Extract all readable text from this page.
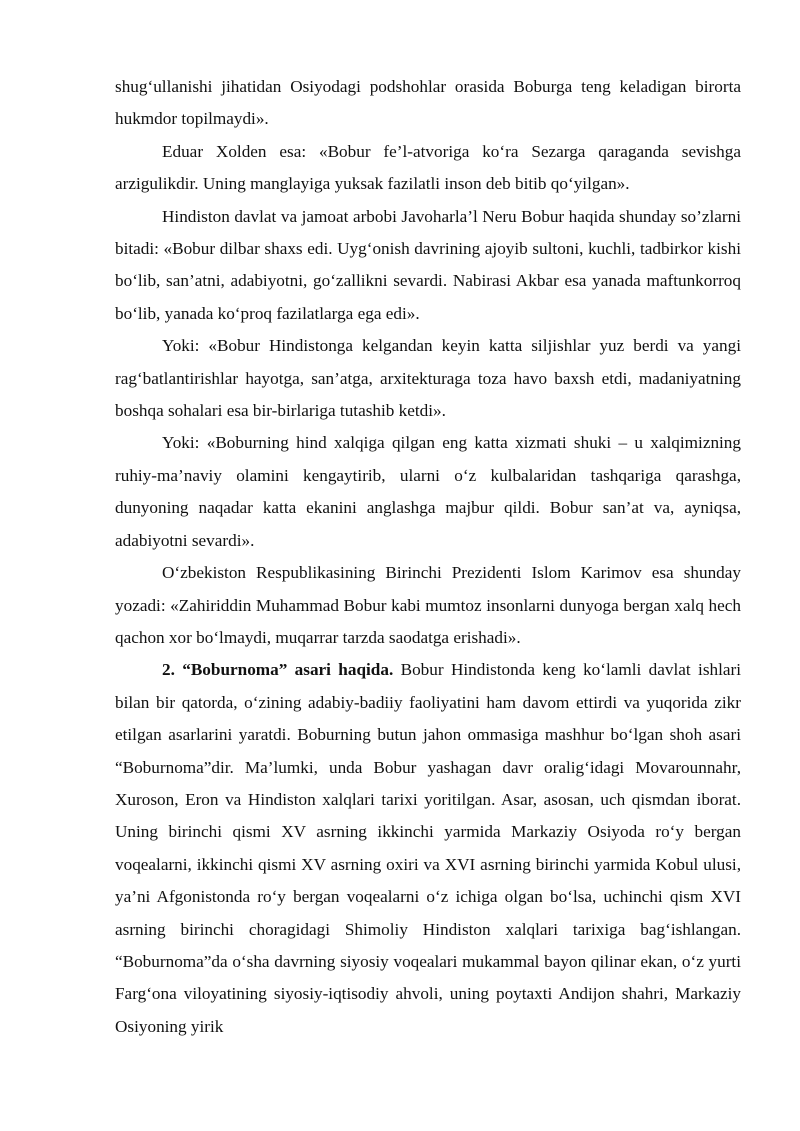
shug‘ullanishi jihatidan Osiyodagi podshohlar orasida Boburga teng keladigan birorta hukmdor topilmaydi».

Eduar Xolden esa: «Bobur fe’l-atvoriga ko‘ra Sezarga qaraganda sevishga arzigulikdir. Uning manglayiga yuksak fazilatli inson deb bitib qo‘yilgan».

Hindiston davlat va jamoat arbobi Javoharla’l Neru Bobur haqida shunday so’zlarni bitadi: «Bobur dilbar shaxs edi. Uyg‘onish davrining ajoyib sultoni, kuchli, tadbirkor kishi bo‘lib, san’atni, adabiyotni, go‘zallikni sevardi. Nabirasi Akbar esa yanada maftunkorroq bo‘lib, yanada ko‘proq fazilatlarga ega edi».

Yoki: «Bobur Hindistonga kelgandan keyin katta siljishlar yuz berdi va yangi rag‘batlantirishlar hayotga, san’atga, arxitekturaga toza havo baxsh etdi, madaniyatning boshqa sohalari esa bir-birlariga tutashib ketdi».

Yoki: «Boburning hind xalqiga qilgan eng katta xizmati shuki – u xalqimizning ruhiy-ma’naviy olamini kengaytirib, ularni o‘z kulbalaridan tashqariga qarashga, dunyoning naqadar katta ekanini anglashga majbur qildi. Bobur san’at va, ayniqsa, adabiyotni sevardi».

O‘zbekiston Respublikasining Birinchi Prezidenti Islom Karimov esa shunday yozadi: «Zahiriddin Muhammad Bobur kabi mumtoz insonlarni dunyoga bergan xalq hech qachon xor bo‘lmaydi, muqarrar tarzda saodatga erishadi».

2. “Boburnoma” asari haqida. Bobur Hindistonda keng ko‘lamli davlat ishlari bilan bir qatorda, o‘zining adabiy-badiiy faoliyatini ham davom ettirdi va yuqorida zikr etilgan asarlarini yaratdi. Boburning butun jahon ommasiga mashhur bo‘lgan shoh asari “Boburnoma”dir. Ma’lumki, unda Bobur yashagan davr oralig‘idagi Movarounnahr, Xuroson, Eron va Hindiston xalqlari tarixi yoritilgan. Asar, asosan, uch qismdan iborat. Uning birinchi qismi XV asrning ikkinchi yarmida Markaziy Osiyoda ro‘y bergan voqealarni, ikkinchi qismi XV asrning oxiri va XVI asrning birinchi yarmida Kobul ulusi, ya’ni Afgonistonda ro‘y bergan voqealarni o‘z ichiga olgan bo‘lsa, uchinchi qism XVI asrning birinchi choragidagi Shimoliy Hindiston xalqlari tarixiga bag‘ishlangan. “Boburnoma”da o‘sha davrning siyosiy voqealari mukammal bayon qilinar ekan, o‘z yurti Farg‘ona viloyatining siyosiy-iqtisodiy ahvoli, uning poytaxti Andijon shahri, Markaziy Osiyoning yirik
